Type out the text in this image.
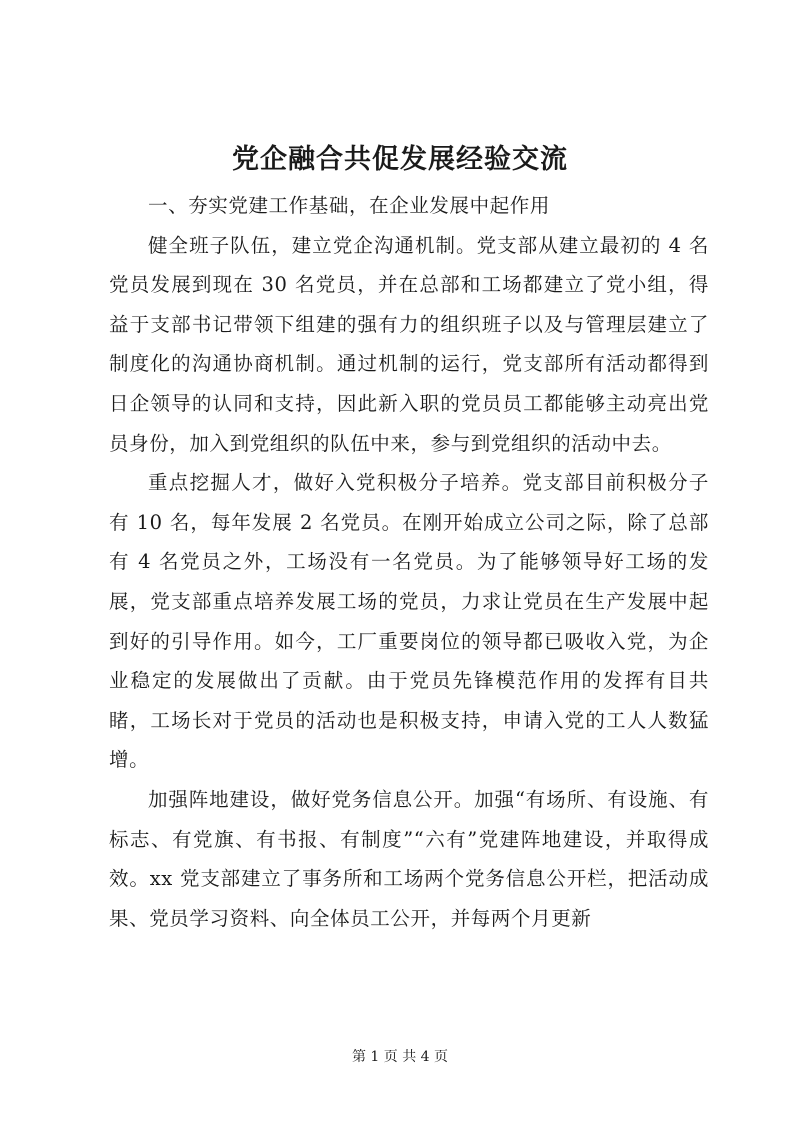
党企融合共促发展经验交流

一、夯实党建工作基础，在企业发展中起作用

健全班子队伍，建立党企沟通机制。党支部从建立最初的 4 名党员发展到现在 30 名党员，并在总部和工场都建立了党小组，得益于支部书记带领下组建的强有力的组织班子以及与管理层建立了制度化的沟通协商机制。通过机制的运行，党支部所有活动都得到日企领导的认同和支持，因此新入职的党员员工都能够主动亮出党员身份，加入到党组织的队伍中来，参与到党组织的活动中去。

重点挖掘人才，做好入党积极分子培养。党支部目前积极分子有 10 名，每年发展 2 名党员。在刚开始成立公司之际，除了总部有 4 名党员之外，工场没有一名党员。为了能够领导好工场的发展，党支部重点培养发展工场的党员，力求让党员在生产发展中起到好的引导作用。如今，工厂重要岗位的领导都已吸收入党，为企业稳定的发展做出了贡献。由于党员先锋模范作用的发挥有目共睹，工场长对于党员的活动也是积极支持，申请入党的工人人数猛增。

加强阵地建设，做好党务信息公开。加强“有场所、有设施、有标志、有党旗、有书报、有制度”“六有”党建阵地建设，并取得成效。xx 党支部建立了事务所和工场两个党务信息公开栏，把活动成果、党员学习资料、向全体员工公开，并每两个月更新

第 1 页 共 4 页
